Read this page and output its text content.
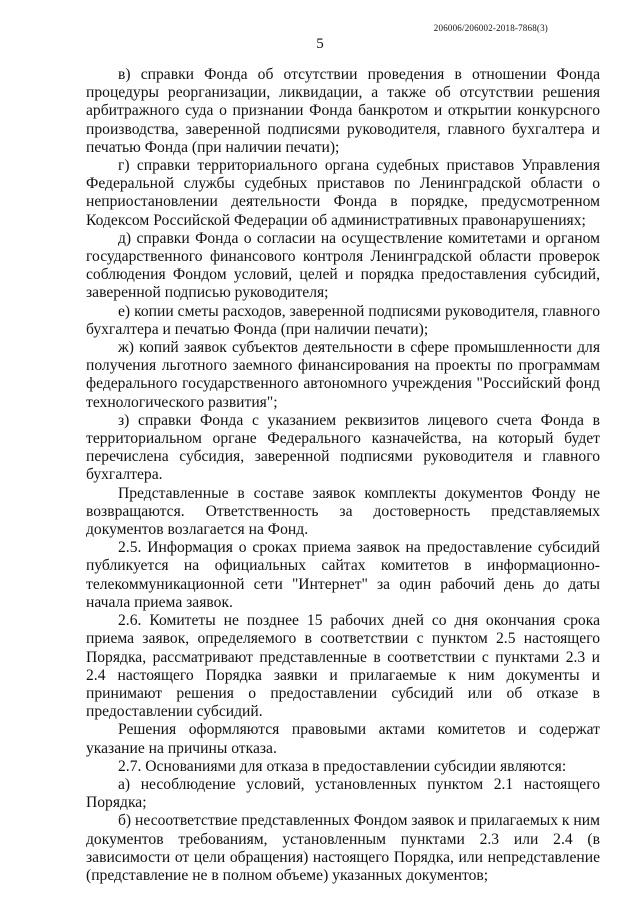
206006/206002-2018-7868(3)
5

в) справки Фонда об отсутствии проведения в отношении Фонда процедуры реорганизации, ликвидации, а также об отсутствии решения арбитражного суда о признании Фонда банкротом и открытии конкурсного производства, заверенной подписями руководителя, главного бухгалтера и печатью Фонда (при наличии печати);

г) справки территориального органа судебных приставов Управления Федеральной службы судебных приставов по Ленинградской области о неприостановлении деятельности Фонда в порядке, предусмотренном Кодексом Российской Федерации об административных правонарушениях;

д) справки Фонда о согласии на осуществление комитетами и органом государственного финансового контроля Ленинградской области проверок соблюдения Фондом условий, целей и порядка предоставления субсидий, заверенной подписью руководителя;

е) копии сметы расходов, заверенной подписями руководителя, главного бухгалтера и печатью Фонда (при наличии печати);

ж) копий заявок субъектов деятельности в сфере промышленности для получения льготного заемного финансирования на проекты по программам федерального государственного автономного учреждения "Российский фонд технологического развития";

з) справки Фонда с указанием реквизитов лицевого счета Фонда в территориальном органе Федерального казначейства, на который будет перечислена субсидия, заверенной подписями руководителя и главного бухгалтера.

Представленные в составе заявок комплекты документов Фонду не возвращаются. Ответственность за достоверность представляемых документов возлагается на Фонд.

2.5. Информация о сроках приема заявок на предоставление субсидий публикуется на официальных сайтах комитетов в информационно-телекоммуникационной сети "Интернет" за один рабочий день до даты начала приема заявок.

2.6. Комитеты не позднее 15 рабочих дней со дня окончания срока приема заявок, определяемого в соответствии с пунктом 2.5 настоящего Порядка, рассматривают представленные в соответствии с пунктами 2.3 и 2.4 настоящего Порядка заявки и прилагаемые к ним документы и принимают решения о предоставлении субсидий или об отказе в предоставлении субсидий.

Решения оформляются правовыми актами комитетов и содержат указание на причины отказа.

2.7. Основаниями для отказа в предоставлении субсидии являются:

а) несоблюдение условий, установленных пунктом 2.1 настоящего Порядка;

б) несоответствие представленных Фондом заявок и прилагаемых к ним документов требованиям, установленным пунктами 2.3 или 2.4 (в зависимости от цели обращения) настоящего Порядка, или непредставление (представление не в полном объеме) указанных документов;
